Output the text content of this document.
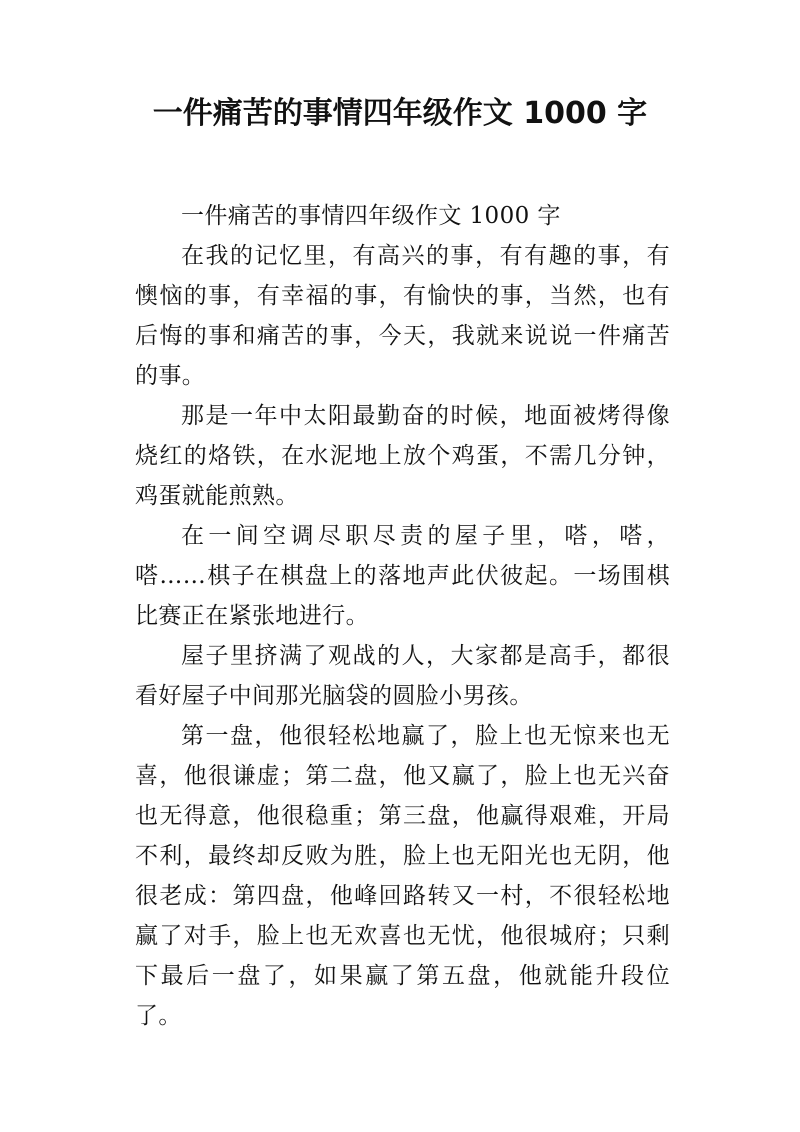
一件痛苦的事情四年级作文 1000 字

一件痛苦的事情四年级作文 1000 字

在我的记忆里，有高兴的事，有有趣的事，有懊恼的事，有幸福的事，有愉快的事，当然，也有后悔的事和痛苦的事，今天，我就来说说一件痛苦的事。

那是一年中太阳最勤奋的时候，地面被烤得像烧红的烙铁，在水泥地上放个鸡蛋，不需几分钟，鸡蛋就能煎熟。

在一间空调尽职尽责的屋子里，嗒，嗒，嗒……棋子在棋盘上的落地声此伏彼起。一场围棋比赛正在紧张地进行。

屋子里挤满了观战的人，大家都是高手，都很看好屋子中间那光脑袋的圆脸小男孩。

第一盘，他很轻松地赢了，脸上也无惊来也无喜，他很谦虚；第二盘，他又赢了，脸上也无兴奋也无得意，他很稳重；第三盘，他赢得艰难，开局不利，最终却反败为胜，脸上也无阳光也无阴，他很老成：第四盘，他峰回路转又一村，不很轻松地赢了对手，脸上也无欢喜也无忧，他很城府；只剩下最后一盘了，如果赢了第五盘，他就能升段位了。
